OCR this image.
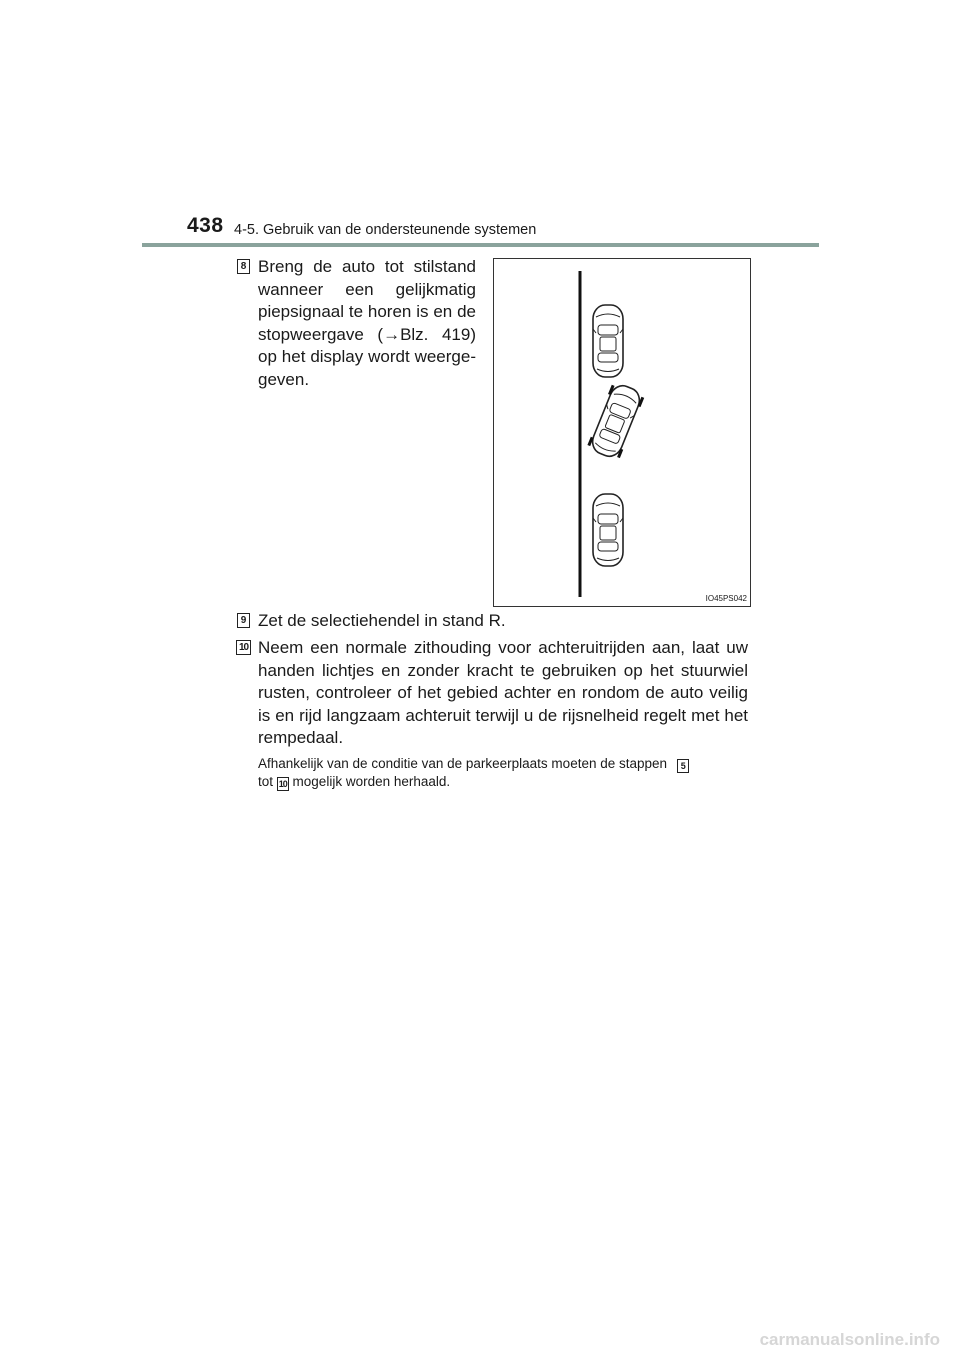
438 4-5. Gebruik van de ondersteunende systemen
8 Breng de auto tot stilstand wanneer een gelijkmatig piepsignaal te horen is en de stopweergave (→Blz. 419) op het display wordt weerge-geven.
IO45PS042
9 Zet de selectiehendel in stand R.
10 Neem een normale zithouding voor achteruitrijden aan, laat uw handen lichtjes en zonder kracht te gebruiken op het stuurwiel rusten, controleer of het gebied achter en rondom de auto veilig is en rijd langzaam achteruit terwijl u de rijsnelheid regelt met het rempedaal.
Afhankelijk van de conditie van de parkeerplaats moeten de stappen 5
tot 10 mogelijk worden herhaald.
carmanualsonline.info
